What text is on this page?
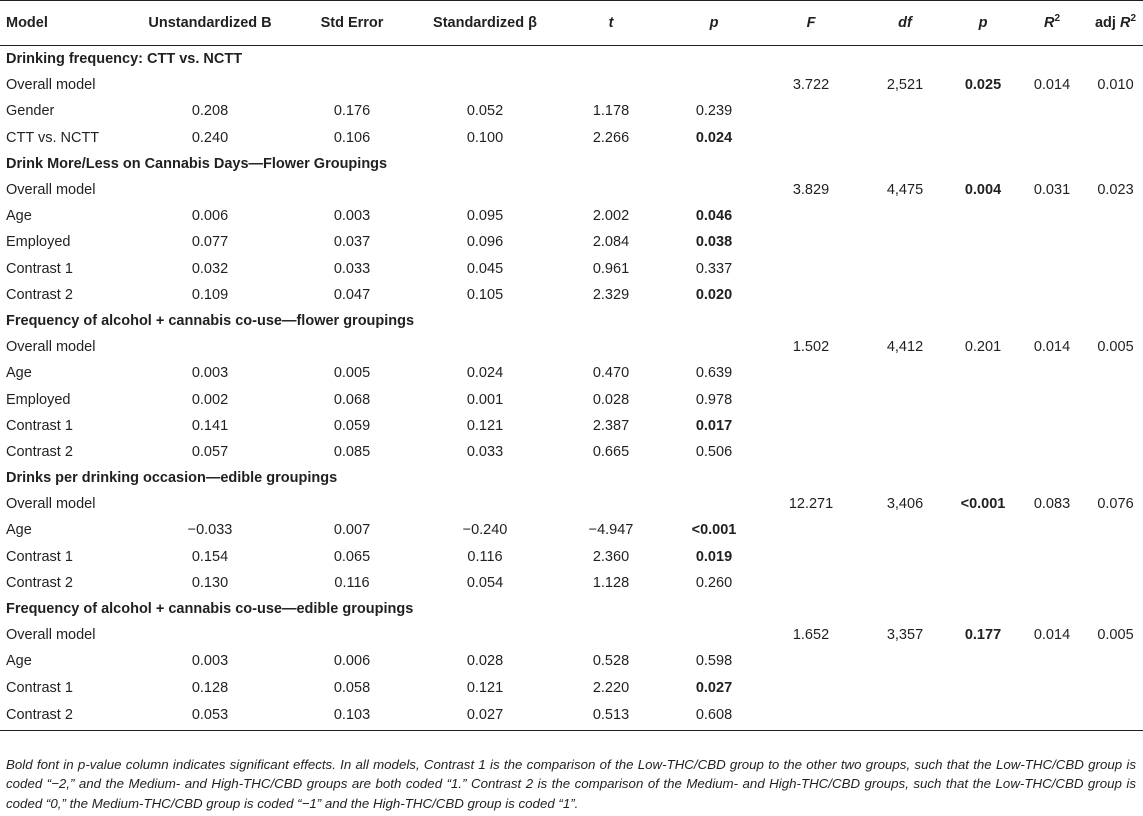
Model	Unstandardized B	Std Error	Standardized β	t	p	F	df	p	$R^2$	adj $R^2$
Drinking frequency: CTT vs. NCTT										
Overall model						3.722	2,521	0.025	0.014	0.010
Gender	0.208	0.176	0.052	1.178	0.239					
CTT vs. NCTT	0.240	0.106	0.100	2.266	0.024					
Drink More/Less on Cannabis Days—Flower Groupings										
Overall model						3.829	4,475	0.004	0.031	0.023
Age	0.006	0.003	0.095	2.002	0.046					
Employed	0.077	0.037	0.096	2.084	0.038					
Contrast 1	0.032	0.033	0.045	0.961	0.337					
Contrast 2	0.109	0.047	0.105	2.329	0.020					
Frequency of alcohol + cannabis co-use—flower groupings										
Overall model						1.502	4,412	0.201	0.014	0.005
Age	0.003	0.005	0.024	0.470	0.639					
Employed	0.002	0.068	0.001	0.028	0.978					
Contrast 1	0.141	0.059	0.121	2.387	0.017					
Contrast 2	0.057	0.085	0.033	0.665	0.506					
Drinks per drinking occasion—edible groupings										
Overall model						12.271	3,406	<0.001	0.083	0.076
Age	−0.033	0.007	−0.240	−4.947	<0.001					
Contrast 1	0.154	0.065	0.116	2.360	0.019					
Contrast 2	0.130	0.116	0.054	1.128	0.260					
Frequency of alcohol + cannabis co-use—edible groupings										
Overall model						1.652	3,357	0.177	0.014	0.005
Age	0.003	0.006	0.028	0.528	0.598					
Contrast 1	0.128	0.058	0.121	2.220	0.027					
Contrast 2	0.053	0.103	0.027	0.513	0.608					
Bold font in p-value column indicates significant effects. In all models, Contrast 1 is the comparison of the Low-THC/CBD group to the other two groups, such that the Low-THC/CBD group is coded “−2,” and the Medium- and High-THC/CBD groups are both coded “1.” Contrast 2 is the comparison of the Medium- and High-THC/CBD groups, such that the Low-THC/CBD group is coded “0,” the Medium-THC/CBD group is coded “−1” and the High-THC/CBD group is coded “1”.
